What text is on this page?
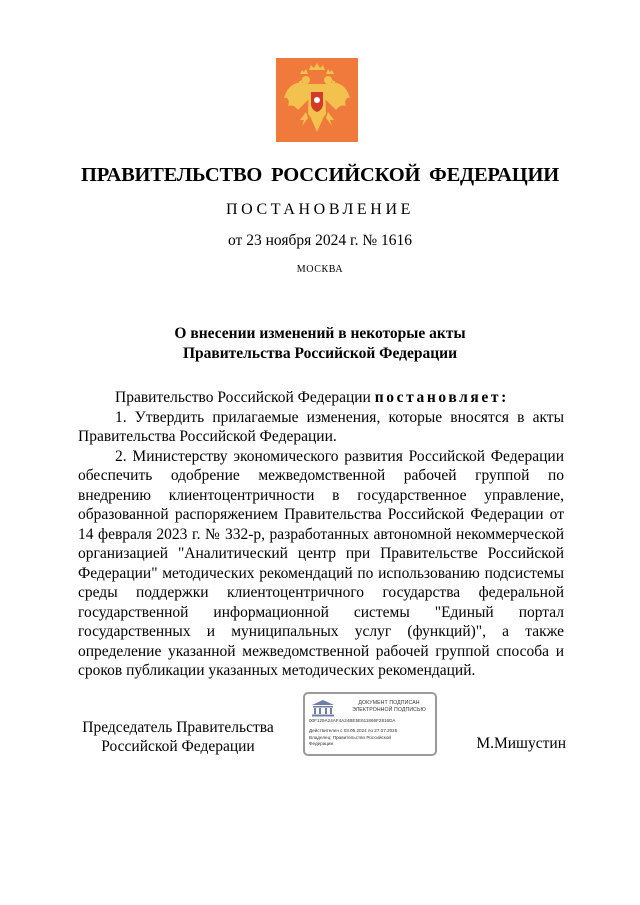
ПРАВИТЕЛЬСТВО РОССИЙСКОЙ ФЕДЕРАЦИИ
ПОСТАНОВЛЕНИЕ
от 23 ноября 2024 г. № 1616
МОСКВА
О внесении изменений в некоторые акты
Правительства Российской Федерации

Правительство Российской Федерации постановляет:

1. Утвердить прилагаемые изменения, которые вносятся в акты Правительства Российской Федерации.

2. Министерству экономического развития Российской Федерации обеспечить одобрение межведомственной рабочей группой по внедрению клиентоцентричности в государственное управление, образованной распоряжением Правительства Российской Федерации от 14 февраля 2023 г. № 332-р, разработанных автономной некоммерческой организацией "Аналитический центр при Правительстве Российской Федерации" методических рекомендаций по использованию подсистемы среды поддержки клиентоцентричного государства федеральной государственной информационной системы "Единый портал государственных и муниципальных услуг (функций)", а также определение указанной межведомственной рабочей группой способа и сроков публикации указанных методических рекомендаций.

Председатель Правительства
Российской Федерации
ДОКУМЕНТ ПОДПИСАН
ЭЛЕКТРОННОЙ ПОДПИСЬЮ
00F129A24AF4A24BE5E611866F2816DA
Действителен с 03.05.2024 по 27.07.2025
Владелец: Правительство Российской
Федерации	М.Мишустин
